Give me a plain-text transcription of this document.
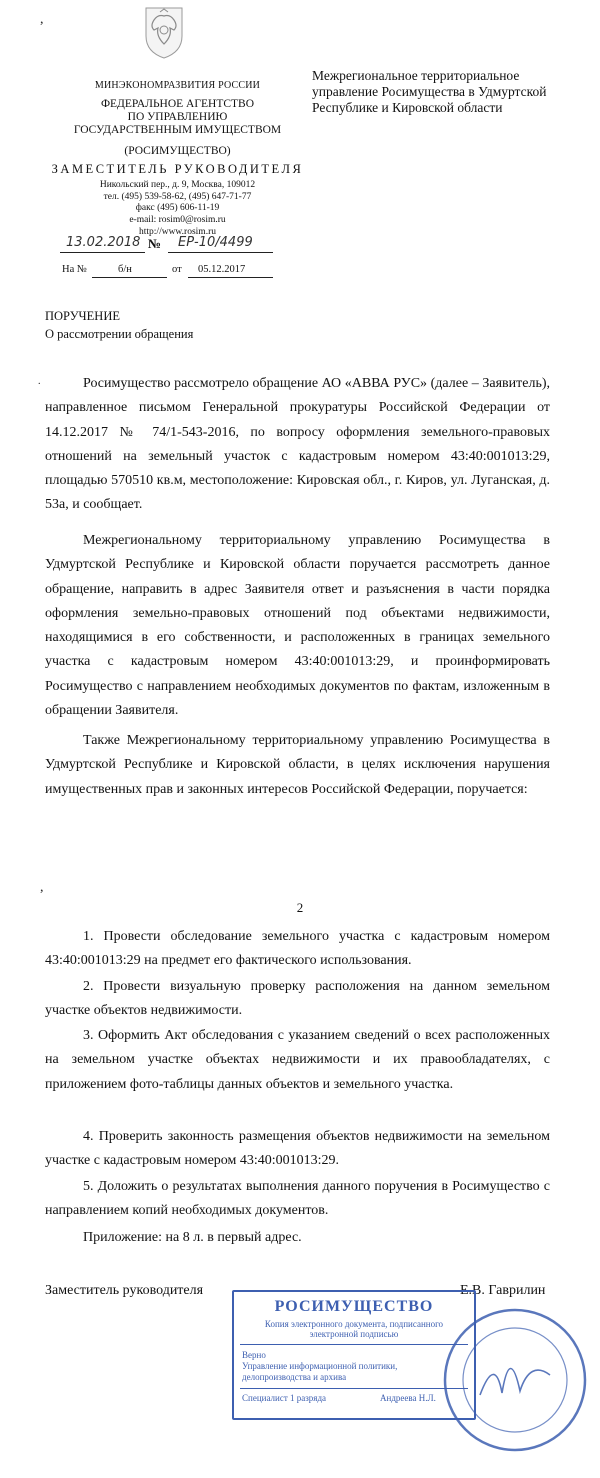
,
МИНЭКОНОМРАЗВИТИЯ РОССИИ
ФЕДЕРАЛЬНОЕ АГЕНТСТВО
ПО УПРАВЛЕНИЮ
ГОСУДАРСТВЕННЫМ ИМУЩЕСТВОМ
(РОСИМУЩЕСТВО)
ЗАМЕСТИТЕЛЬ РУКОВОДИТЕЛЯ
Никольский пер., д. 9, Москва, 109012
тел. (495) 539-58-62, (495) 647-71-77
факс (495) 606-11-19
e-mail: rosim0@rosim.ru
http://www.rosim.ru
13.02.2018 № ЕР-10/4499
На №	б/н	от 05.12.2017
Межрегиональное территориальное управление Росимущества в Удмуртской Республике и Кировской области
ПОРУЧЕНИЕ
О рассмотрении обращения
.	Росимущество рассмотрело обращение АО «АВВА РУС» (далее – Заявитель), направленное письмом Генеральной прокуратуры Российской Федерации от 14.12.2017 № 74/1-543-2016, по вопросу оформления земельного-правовых отношений на земельный участок с кадастровым номером 43:40:001013:29, площадью 570510 кв.м, местоположение: Кировская обл., г. Киров, ул. Луганская, д. 53а, и сообщает.
Межрегиональному территориальному управлению Росимущества в Удмуртской Республике и Кировской области поручается рассмотреть данное обращение, направить в адрес Заявителя ответ и разъяснения в части порядка оформления земельно-правовых отношений под объектами недвижимости, находящимися в его собственности, и расположенных в границах земельного участка с кадастровым номером 43:40:001013:29, и проинформировать Росимущество с направлением необходимых документов по фактам, изложенным в обращении Заявителя.
Также Межрегиональному территориальному управлению Росимущества в Удмуртской Республике и Кировской области, в целях исключения нарушения имущественных прав и законных интересов Российской Федерации, поручается:
,
2
1. Провести обследование земельного участка с кадастровым номером 43:40:001013:29 на предмет его фактического использования.
2. Провести визуальную проверку расположения на данном земельном участке объектов недвижимости.
3. Оформить Акт обследования с указанием сведений о всех расположенных на земельном участке объектах недвижимости и их правообладателях, с приложением фото-таблицы данных объектов и земельного участка.
4. Проверить законность размещения объектов недвижимости на земельном участке с кадастровым номером 43:40:001013:29.
5. Доложить о результатах выполнения данного поручения в Росимущество с направлением копий необходимых документов.
Приложение: на 8 л. в первый адрес.
Заместитель руководителя	Е.В. Гаврилин
РОСИМУЩЕСТВО
Копия электронного документа, подписанного
электронной подписью
Верно
Управление информационной политики,
делопроизводства и архива
Специалист 1 разряда	Андреева Н.Л.
